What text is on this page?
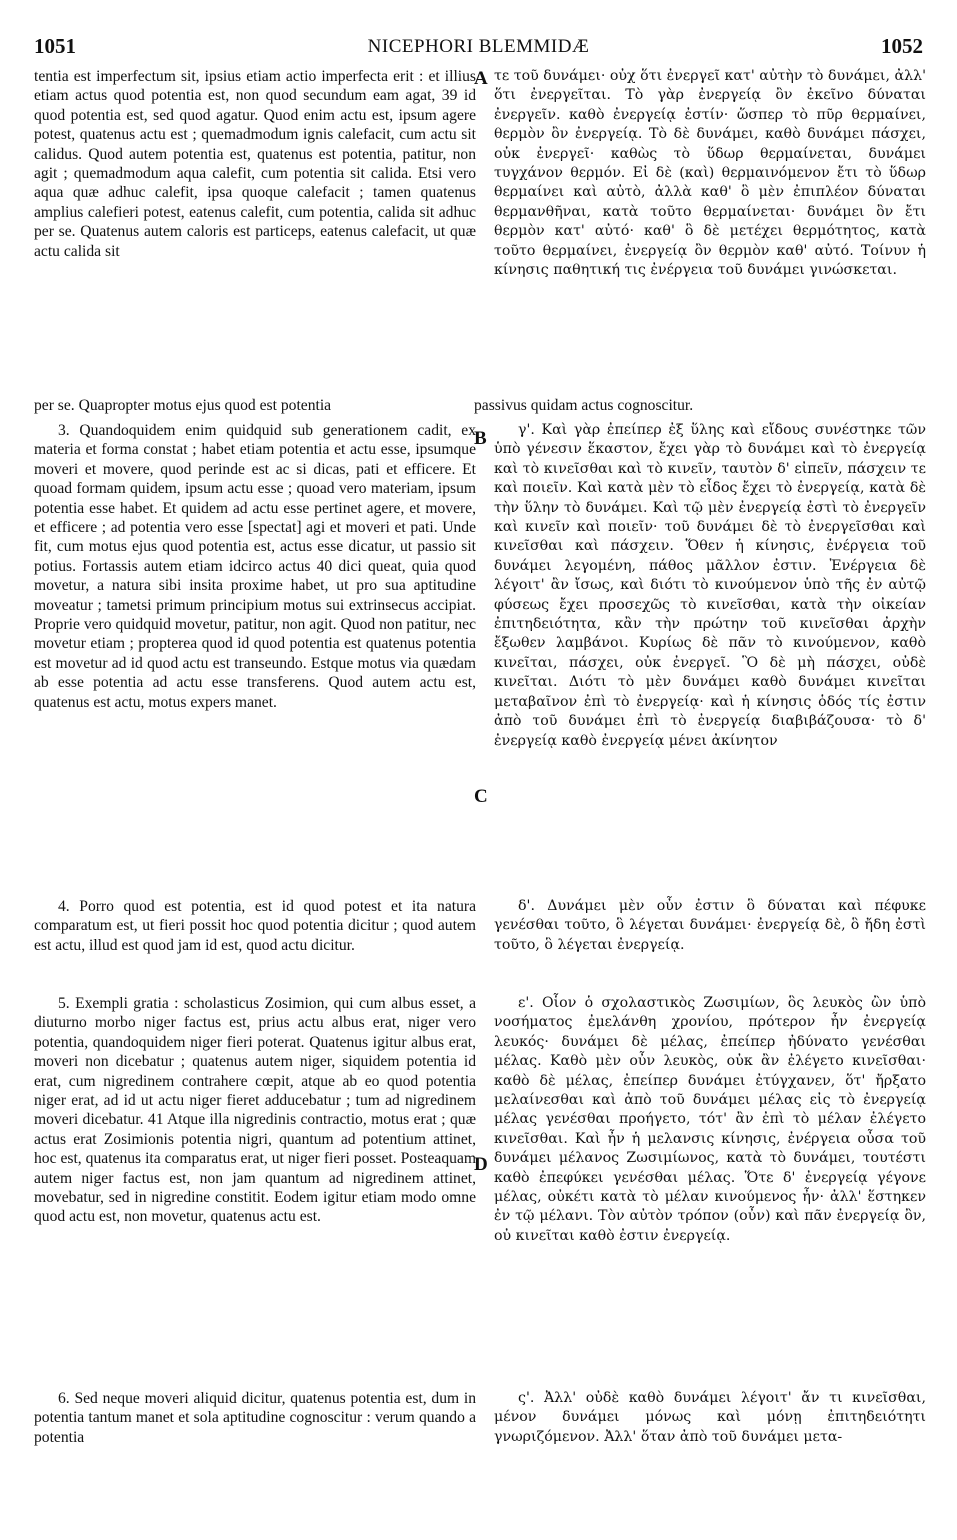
1051	NICEPHORI BLEMMIDÆ	1052

tentia est imperfectum sit, ipsius etiam actio imperfecta erit : et illius etiam actus quod potentia est, non quod secundum eam agat, 39 id quod potentia est, sed quod agatur. Quod enim actu est, ipsum agere potest, quatenus actu est ; quemadmodum ignis calefacit, cum actu sit calidus. Quod autem potentia est, quatenus est potentia, patitur, non agit ; quemadmodum aqua calefit, cum potentia sit calida. Etsi vero aqua quæ adhuc calefit, ipsa quoque calefacit ; tamen quatenus amplius calefieri potest, eatenus calefit, cum potentia, calida sit adhuc per se. Quatenus autem caloris est particeps, eatenus calefacit, ut quæ actu calida sit

per se. Quapropter motus ejus quod est potentia	passivus quidam actus cognoscitur.

3. Quandoquidem enim quidquid sub generationem cadit, ex materia et forma constat ; habet etiam potentia et actu esse, ipsumque moveri et movere, quod perinde est ac si dicas, pati et efficere. Et quoad formam quidem, ipsum actu esse ; quoad vero materiam, ipsum potentia esse habet. Et quidem ad actu esse pertinet agere, et movere, et efficere ; ad potentia vero esse [spectat] agi et moveri et pati. Unde fit, cum motus ejus quod potentia est, actus esse dicatur, ut passio sit potius. Fortassis autem etiam idcirco actus 40 dici queat, quia quod movetur, a natura sibi insita proxime habet, ut pro sua aptitudine moveatur ; tametsi primum principium motus sui extrinsecus accipiat. Proprie vero quidquid movetur, patitur, non agit. Quod non patitur, nec movetur etiam ; propterea quod id quod potentia est quatenus potentia est movetur ad id quod actu est transeundo. Estque motus via quædam ab esse potentia ad actu esse transferens. Quod autem actu est, quatenus est actu, motus expers manet.

4. Porro quod est potentia, est id quod potest et ita natura comparatum est, ut fieri possit hoc quod potentia dicitur ; quod autem est actu, illud est quod jam id est, quod actu dicitur.

5. Exempli gratia : scholasticus Zosimion, qui cum albus esset, a diuturno morbo niger factus est, prius actu albus erat, niger vero potentia, quandoquidem niger fieri poterat. Quatenus igitur albus erat, moveri non dicebatur ; quatenus autem niger, siquidem potentia id erat, cum nigredinem contrahere cœpit, atque ab eo quod potentia niger erat, ad id ut actu niger fieret adducebatur ; tum ad nigredinem moveri dicebatur. 41 Atque illa nigredinis contractio, motus erat ; quæ actus erat Zosimionis potentia nigri, quantum ad potentium attinet, hoc est, quatenus ita comparatus erat, ut niger fieri posset. Posteaquam autem niger factus est, non jam quantum ad nigredinem attinet, movebatur, sed in nigredine constitit. Eodem igitur etiam modo omne quod actu est, non movetur, quatenus actu est.

6. Sed neque moveri aliquid dicitur, quatenus potentia est, dum in potentia tantum manet et sola aptitudine cognoscitur : verum quando a potentia

A
B
C
D

τε τοῦ δυνάμει· οὐχ ὅτι ἐνεργεῖ κατ' αὐτὴν τὸ δυνάμει, ἀλλ' ὅτι ἐνεργεῖται. Τὸ γὰρ ἐνεργείᾳ ὂν ἐκεῖνο δύναται ἐνεργεῖν. καθὸ ἐνεργείᾳ ἐστίν· ὥσπερ τὸ πῦρ θερμαίνει, θερμὸν ὂν ἐνεργείᾳ. Τὸ δὲ δυνάμει, καθὸ δυνάμει πάσχει, οὐκ ἐνεργεῖ· καθὼς τὸ ὕδωρ θερμαίνεται, δυνάμει τυγχάνον θερμόν. Εἰ δὲ (καὶ) θερμαινόμενον ἔτι τὸ ὕδωρ θερμαίνει καὶ αὐτὸ, ἀλλὰ καθ' ὃ μὲν ἐπιπλέον δύναται θερμανθῆναι, κατὰ τοῦτο θερμαίνεται· δυνάμει ὂν ἔτι θερμὸν κατ' αὐτό· καθ' ὃ δὲ μετέχει θερμότητος, κατὰ τοῦτο θερμαίνει, ἐνεργείᾳ ὂν θερμὸν καθ' αὐτό. Τοίνυν ἡ κίνησις παθητική τις ἐνέργεια τοῦ δυνάμει γινώσκεται.

γ'. Καὶ γὰρ ἐπείπερ ἐξ ὕλης καὶ εἴδους συνέστηκε τῶν ὑπὸ γένεσιν ἕκαστον, ἔχει γὰρ τὸ δυνάμει καὶ τὸ ἐνεργείᾳ καὶ τὸ κινεῖσθαι καὶ τὸ κινεῖν, ταυτὸν δ' εἰπεῖν, πάσχειν τε καὶ ποιεῖν. Καὶ κατὰ μὲν τὸ εἶδος ἔχει τὸ ἐνεργείᾳ, κατὰ δὲ τὴν ὕλην τὸ δυνάμει. Καὶ τῷ μὲν ἐνεργείᾳ ἐστὶ τὸ ἐνεργεῖν καὶ κινεῖν καὶ ποιεῖν· τοῦ δυνάμει δὲ τὸ ἐνεργεῖσθαι καὶ κινεῖσθαι καὶ πάσχειν. Ὅθεν ἡ κίνησις, ἐνέργεια τοῦ δυνάμει λεγομένη, πάθος μᾶλλον ἐστιν. Ἐνέργεια δὲ λέγοιτ' ἂν ἴσως, καὶ διότι τὸ κινούμενον ὑπὸ τῆς ἐν αὐτῷ φύσεως ἔχει προσεχῶς τὸ κινεῖσθαι, κατὰ τὴν οἰκείαν ἐπιτηδειότητα, κἂν τὴν πρώτην τοῦ κινεῖσθαι ἀρχὴν ἔξωθεν λαμβάνοι. Κυρίως δὲ πᾶν τὸ κινούμενον, καθὸ κινεῖται, πάσχει, οὐκ ἐνεργεῖ. Ὃ δὲ μὴ πάσχει, οὐδὲ κινεῖται. Διότι τὸ μὲν δυνάμει καθὸ δυνάμει κινεῖται μεταβαῖνον ἐπὶ τὸ ἐνεργείᾳ· καὶ ἡ κίνησις ὁδός τίς ἐστιν ἀπὸ τοῦ δυνάμει ἐπὶ τὸ ἐνεργείᾳ διαβιβάζουσα· τὸ δ' ἐνεργείᾳ καθὸ ἐνεργείᾳ μένει ἀκίνητον

δ'. Δυνάμει μὲν οὖν ἐστιν ὃ δύναται καὶ πέφυκε γενέσθαι τοῦτο, ὃ λέγεται δυνάμει· ἐνεργείᾳ δὲ, ὃ ἤδη ἐστὶ τοῦτο, ὃ λέγεται ἐνεργείᾳ.

ε'. Οἷον ὁ σχολαστικὸς Ζωσιμίων, ὃς λευκὸς ὢν ὑπὸ νοσήματος ἐμελάνθη χρονίου, πρότερον ἦν ἐνεργείᾳ λευκός· δυνάμει δὲ μέλας, ἐπείπερ ἠδύνατο γενέσθαι μέλας. Καθὸ μὲν οὖν λευκὸς, οὐκ ἂν ἐλέγετο κινεῖσθαι· καθὸ δὲ μέλας, ἐπείπερ δυνάμει ἐτύγχανεν, ὅτ' ἤρξατο μελαίνεσθαι καὶ ἀπὸ τοῦ δυνάμει μέλας εἰς τὸ ἐνεργείᾳ μέλας γενέσθαι προήγετο, τότ' ἂν ἐπὶ τὸ μέλαν ἐλέγετο κινεῖσθαι. Καὶ ἦν ἡ μελανσις κίνησις, ἐνέργεια οὖσα τοῦ δυνάμει μέλανος Ζωσιμίωνος, κατὰ τὸ δυνάμει, τουτέστι καθὸ ἐπεφύκει γενέσθαι μέλας. Ὅτε δ' ἐνεργείᾳ γέγονε μέλας, οὐκέτι κατὰ τὸ μέλαν κινούμενος ἦν· ἀλλ' ἕστηκεν ἐν τῷ μέλανι. Τὸν αὐτὸν τρόπον (οὖν) καὶ πᾶν ἐνεργείᾳ ὂν, οὐ κινεῖται καθὸ ἐστιν ἐνεργείᾳ.

ς'. Ἀλλ' οὐδὲ καθὸ δυνάμει λέγοιτ' ἄν τι κινεῖσθαι, μένον δυνάμει μόνως καὶ μόνῃ ἐπιτηδειότητι γνωριζόμενον. Ἀλλ' ὅταν ἀπὸ τοῦ δυνάμει μετα-
